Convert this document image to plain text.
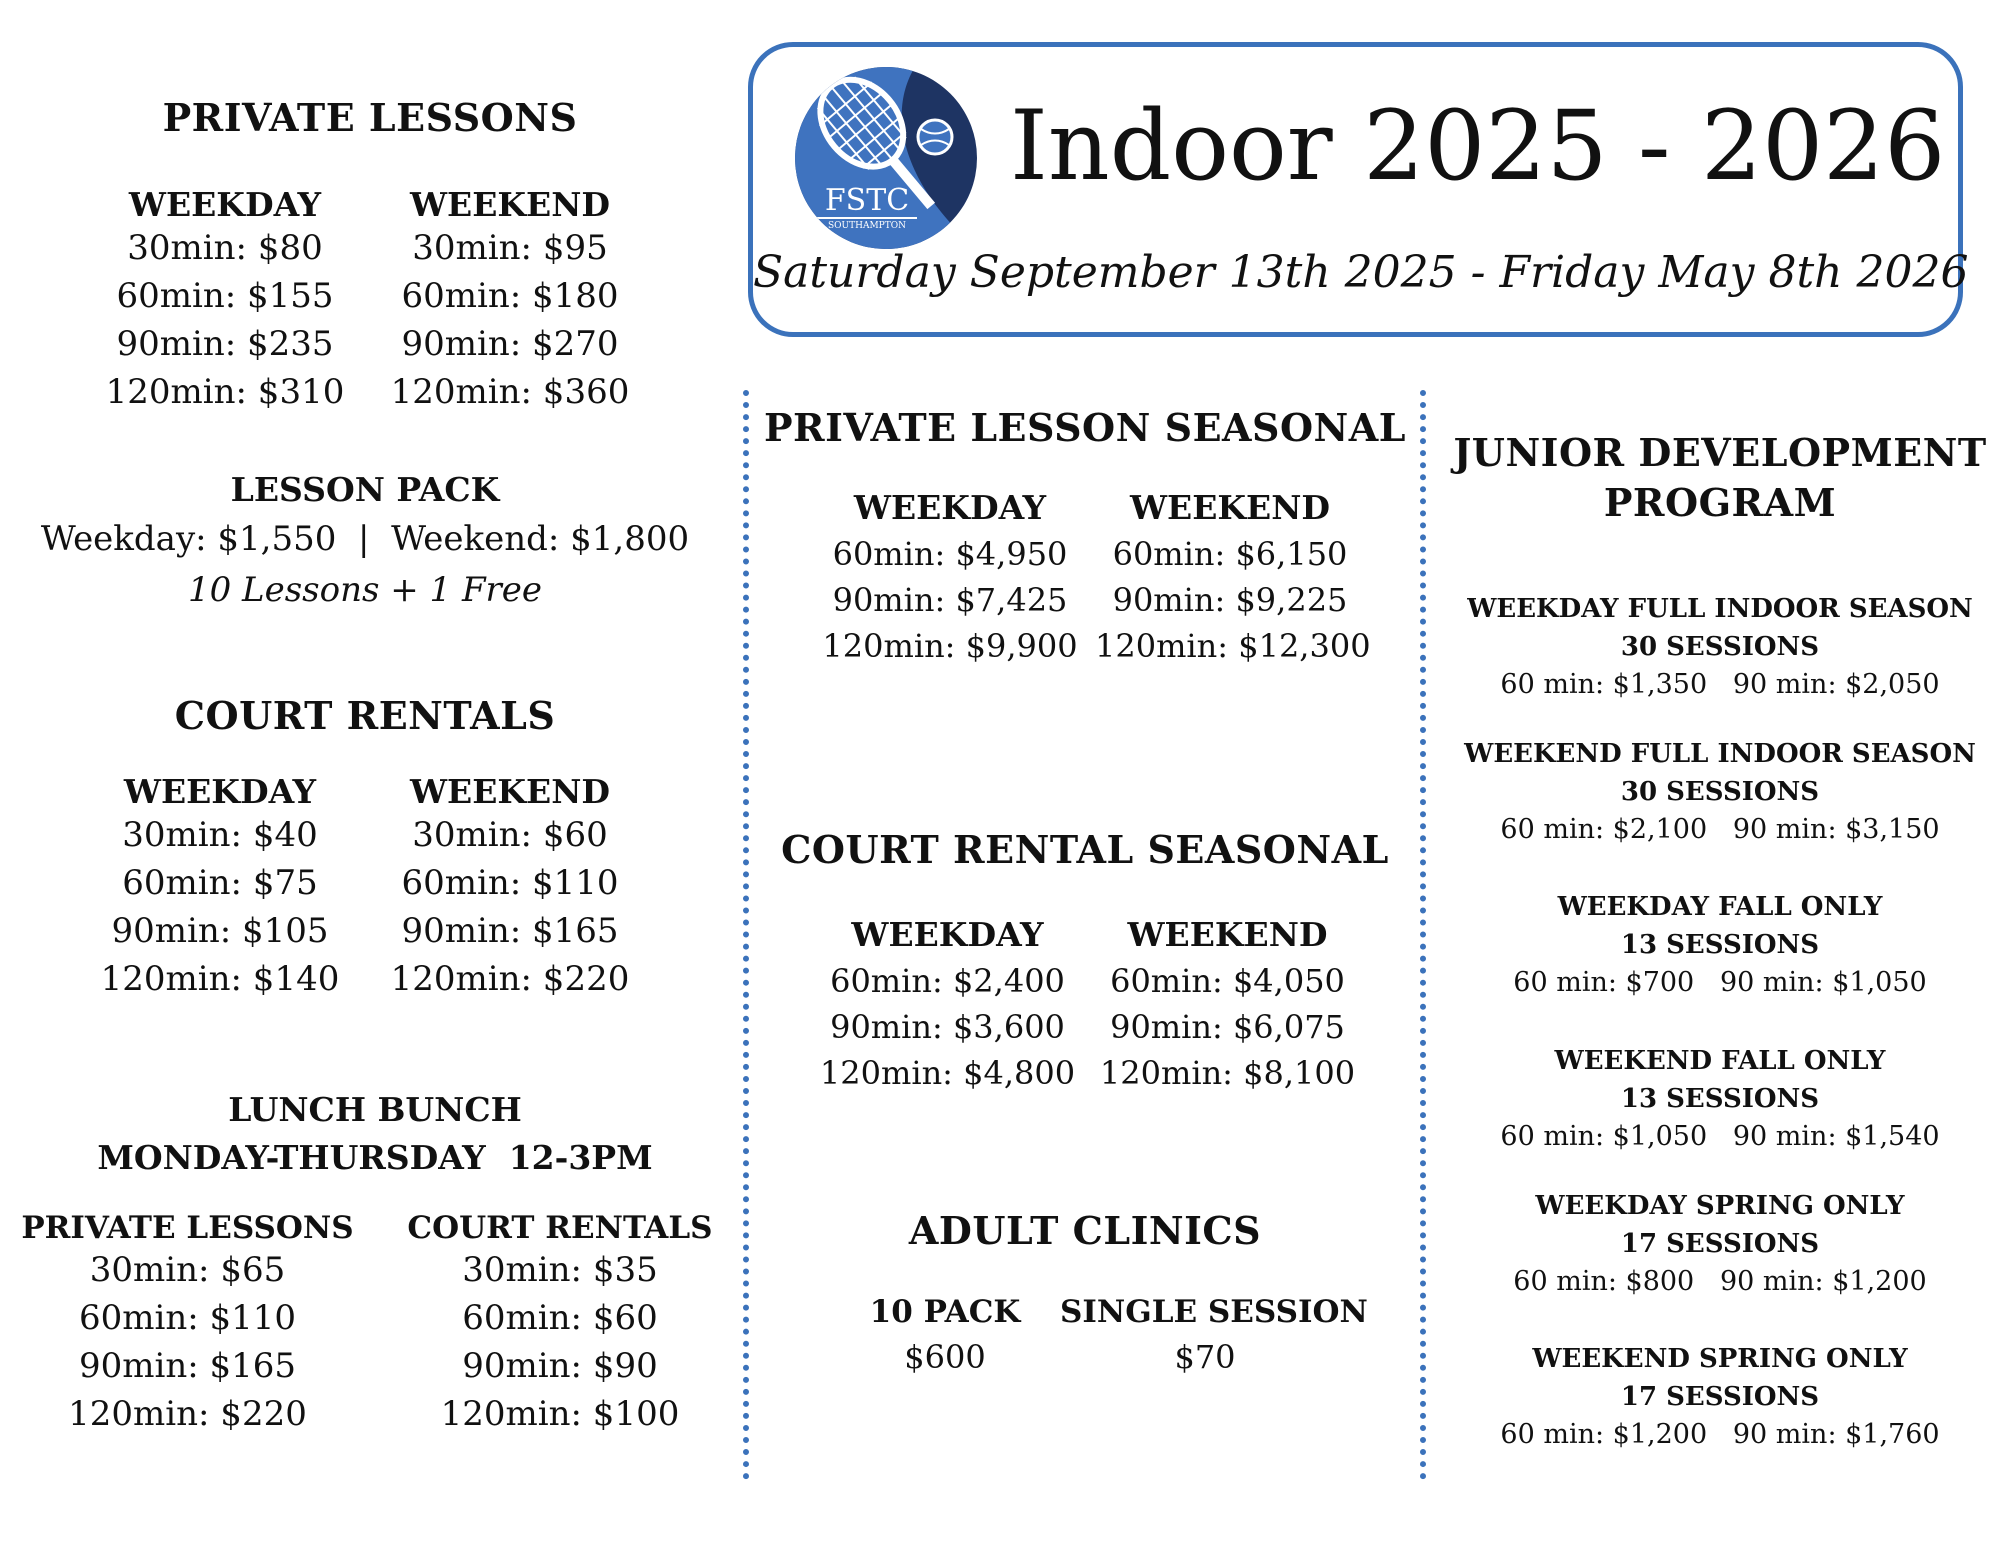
PRIVATE LESSONS
WEEKDAY
30min: $80
60min: $155
90min: $235
120min: $310
WEEKEND
30min: $95
60min: $180
90min: $270
120min: $360
LESSON PACK
Weekday: $1,550  |  Weekend: $1,800
10 Lessons + 1 Free
COURT RENTALS
WEEKDAY
30min: $40
60min: $75
90min: $105
120min: $140
WEEKEND
30min: $60
60min: $110
90min: $165
120min: $220
LUNCH BUNCH
MONDAY-THURSDAY  12-3PM
PRIVATE LESSONS
30min: $65
60min: $110
90min: $165
120min: $220
COURT RENTALS
30min: $35
60min: $60
90min: $90
120min: $100
FSTC
SOUTHAMPTON
Indoor 2025 - 2026
Saturday September 13th 2025 - Friday May 8th 2026
PRIVATE LESSON SEASONAL
WEEKDAY
60min: $4,950
90min: $7,425
120min: $9,900
WEEKEND
60min: $6,150
90min: $9,225
120min: $12,300
COURT RENTAL SEASONAL
WEEKDAY
60min: $2,400
90min: $3,600
120min: $4,800
WEEKEND
60min: $4,050
90min: $6,075
120min: $8,100
ADULT CLINICS
10 PACK
$600
SINGLE SESSION
$70
JUNIOR DEVELOPMENT
PROGRAM
WEEKDAY FULL INDOOR SEASON
30 SESSIONS
60 min: $1,350   90 min: $2,050
WEEKEND FULL INDOOR SEASON
30 SESSIONS
60 min: $2,100   90 min: $3,150
WEEKDAY FALL ONLY
13 SESSIONS
60 min: $700   90 min: $1,050
WEEKEND FALL ONLY
13 SESSIONS
60 min: $1,050   90 min: $1,540
WEEKDAY SPRING ONLY
17 SESSIONS
60 min: $800   90 min: $1,200
WEEKEND SPRING ONLY
17 SESSIONS
60 min: $1,200   90 min: $1,760
